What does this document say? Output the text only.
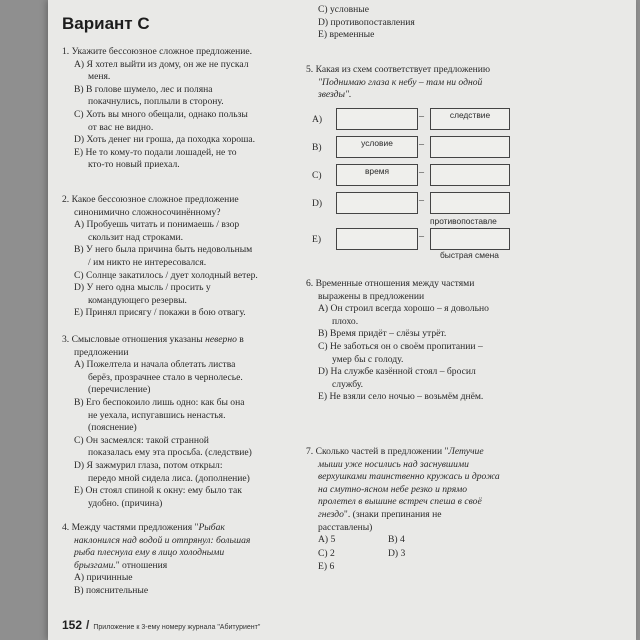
Вариант С
1. Укажите бессоюзное сложное предложение.
A) Я хотел выйти из дому, он же не пускал
меня.
B) В голове шумело, лес и поляна
покачнулись, поплыли в сторону.
C) Хоть вы много обещали, однако пользы
от вас не видно.
D) Хоть денег ни гроша, да походка хороша.
E) Не то кому-то подали лошадей, не то
кто-то новый приехал.
2. Какое бессоюзное сложное предложение
синонимично сложносочинённому?
A) Пробуешь читать и понимаешь / взор
скользит над строками.
B) У него была причина быть недовольным
/ им никто не интересовался.
C) Солнце закатилось / дует холодный ветер.
D) У него одна мысль / просить у
командующего резервы.
E) Принял присягу / покажи в бою отвагу.
3. Смысловые отношения указаны неверно в
предложении
A) Пожелтела и начала облетать листва
берёз, прозрачнее стало в чернолесье.
(перечисление)
B) Его беспокоило лишь одно: как бы она
не уехала, испугавшись ненастья.
(пояснение)
C) Он засмеялся: такой странной
показалась ему эта просьба. (следствие)
D) Я зажмурил глаза, потом открыл:
передо мной сидела лиса. (дополнение)
E) Он стоял спиной к окну: ему было так
удобно. (причина)
4. Между частями предложения "Рыбак
наклонился над водой и отпрянул: большая
рыба плеснула ему в лицо холодными
брызгами." отношения
А) причинные
В) пояснительные
С) условные
D) противопоставления
Е) временные
5. Какая из схем соответствует предложению
"Поднимаю глаза к небу – там ни одной
звезды".
A)	–	следствие
B)	условие	–
C)	время	–
D)	–
противопоставле
E)	–
быстрая смена
6. Временные отношения между частями
выражены в предложении
A) Он строил всегда хорошо – я довольно
плохо.
B) Время придёт – слёзы утрёт.
C) Не заботься он о своём пропитании –
умер бы с голоду.
D) На службе казённой стоял – бросил
службу.
E) Не взяли село ночью – возьмём днём.
7. Сколько частей в предложении "Летучие
мыши уже носились над заснувшими
верхушками таинственно кружась и дрожа
на смутно-ясном небе резко и прямо
пролетел в вышине встреч спеша в своё
гнездо". (знаки препинания не
расставлены)
A) 5	B) 4
C) 2	D) 3
E) 6
152 / Приложение к 3-ему номеру журнала "Абитуриент"
